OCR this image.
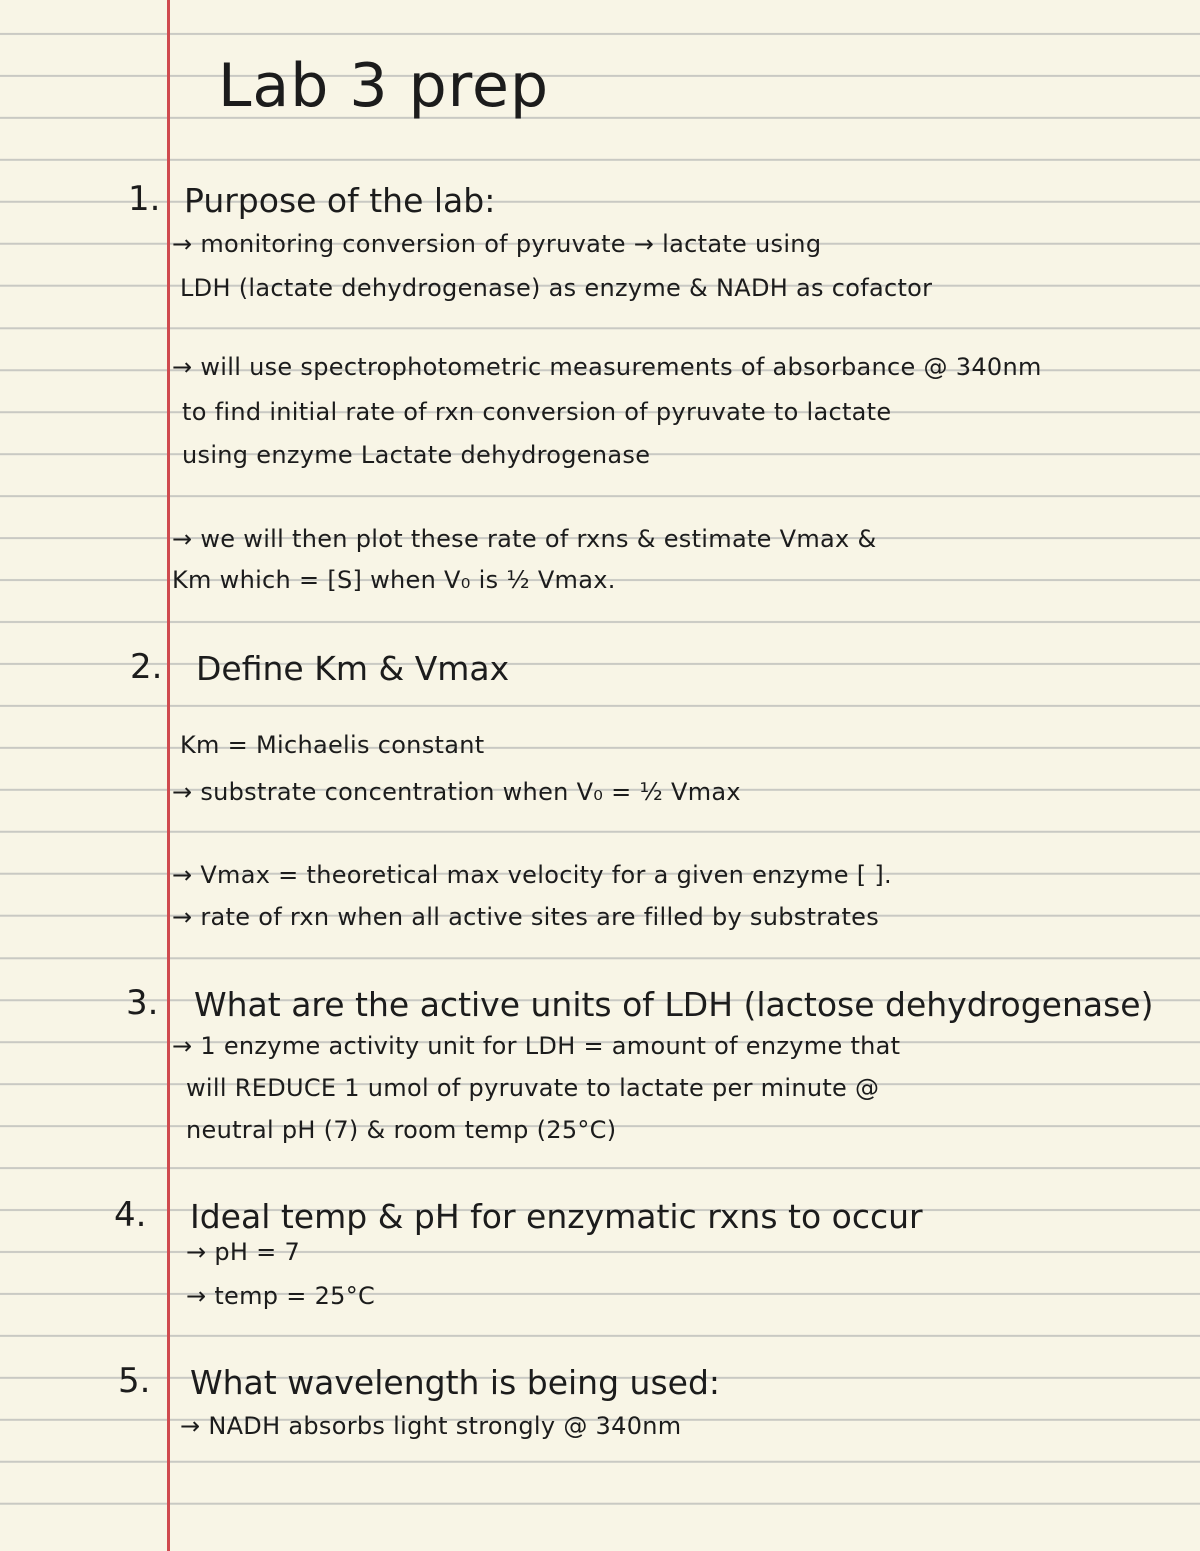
Lab 3 prep
1. Purpose of the lab:
→ monitoring conversion of pyruvate → lactate using
LDH (lactate dehydrogenase) as enzyme & NADH as cofactor
→ will use spectrophotometric measurements of absorbance @ 340nm
to find initial rate of rxn conversion of pyruvate to lactate
using enzyme Lactate dehydrogenase
→ we will then plot these rate of rxns & estimate Vmax &
Km which = [S] when V₀ is ½ Vmax.
2. Define Km & Vmax
Km = Michaelis constant
→ substrate concentration when V₀ = ½ Vmax
→ Vmax = theoretical max velocity for a given enzyme [ ].
→ rate of rxn when all active sites are filled by substrates
3. What are the active units of LDH (lactose dehydrogenase)
→ 1 enzyme activity unit for LDH = amount of enzyme that
will REDUCE 1 umol of pyruvate to lactate per minute @
neutral pH (7) & room temp (25°C)
4. Ideal temp & pH for enzymatic rxns to occur
→ pH = 7
→ temp = 25°C
5. What wavelength is being used:
→ NADH absorbs light strongly @ 340nm
